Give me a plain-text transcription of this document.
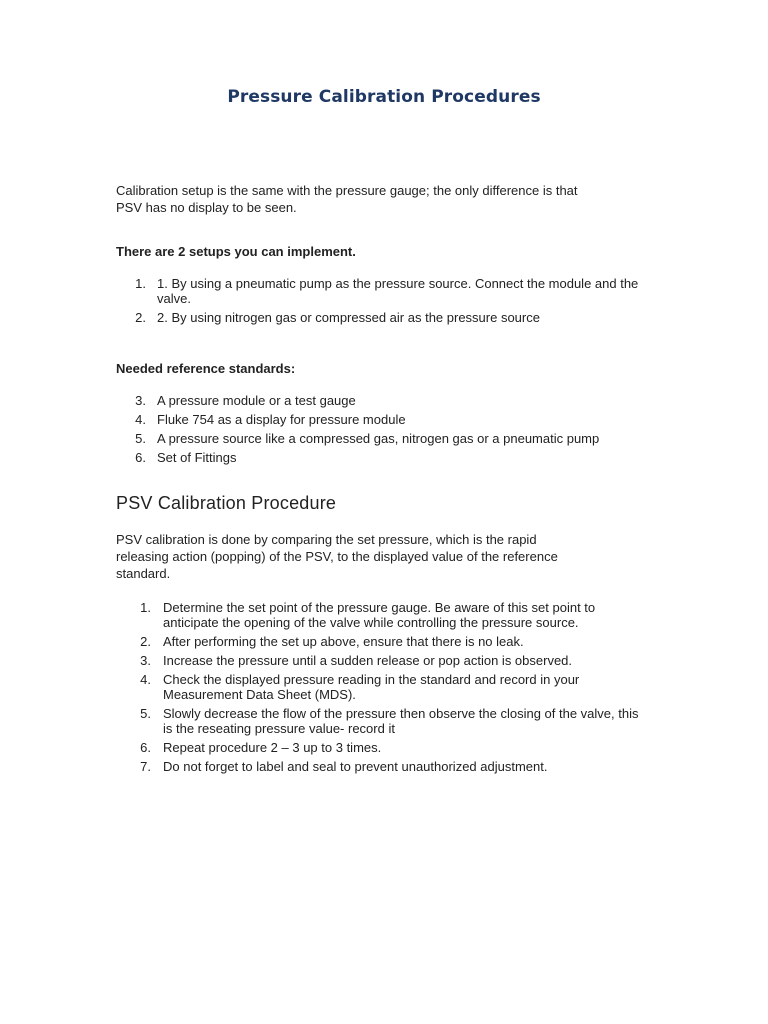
Pressure Calibration Procedures
Calibration setup is the same with the pressure gauge; the only difference is that PSV has no display to be seen.
There are 2 setups you can implement.
1. 1. By using a pneumatic pump as the pressure source. Connect the module and the valve.
2. 2. By using nitrogen gas or compressed air as the pressure source
Needed reference standards:
3. A pressure module or a test gauge
4. Fluke 754 as a display for pressure module
5. A pressure source like a compressed gas, nitrogen gas or a pneumatic pump
6. Set of Fittings
PSV Calibration Procedure
PSV calibration is done by comparing the set pressure, which is the rapid releasing action (popping) of the PSV, to the displayed value of the reference standard.
1. Determine the set point of the pressure gauge. Be aware of this set point to anticipate the opening of the valve while controlling the pressure source.
2. After performing the set up above, ensure that there is no leak.
3. Increase the pressure until a sudden release or pop action is observed.
4. Check the displayed pressure reading in the standard and record in your Measurement Data Sheet (MDS).
5. Slowly decrease the flow of the pressure then observe the closing of the valve, this is the reseating pressure value- record it
6. Repeat procedure 2 – 3 up to 3 times.
7. Do not forget to label and seal to prevent unauthorized adjustment.
